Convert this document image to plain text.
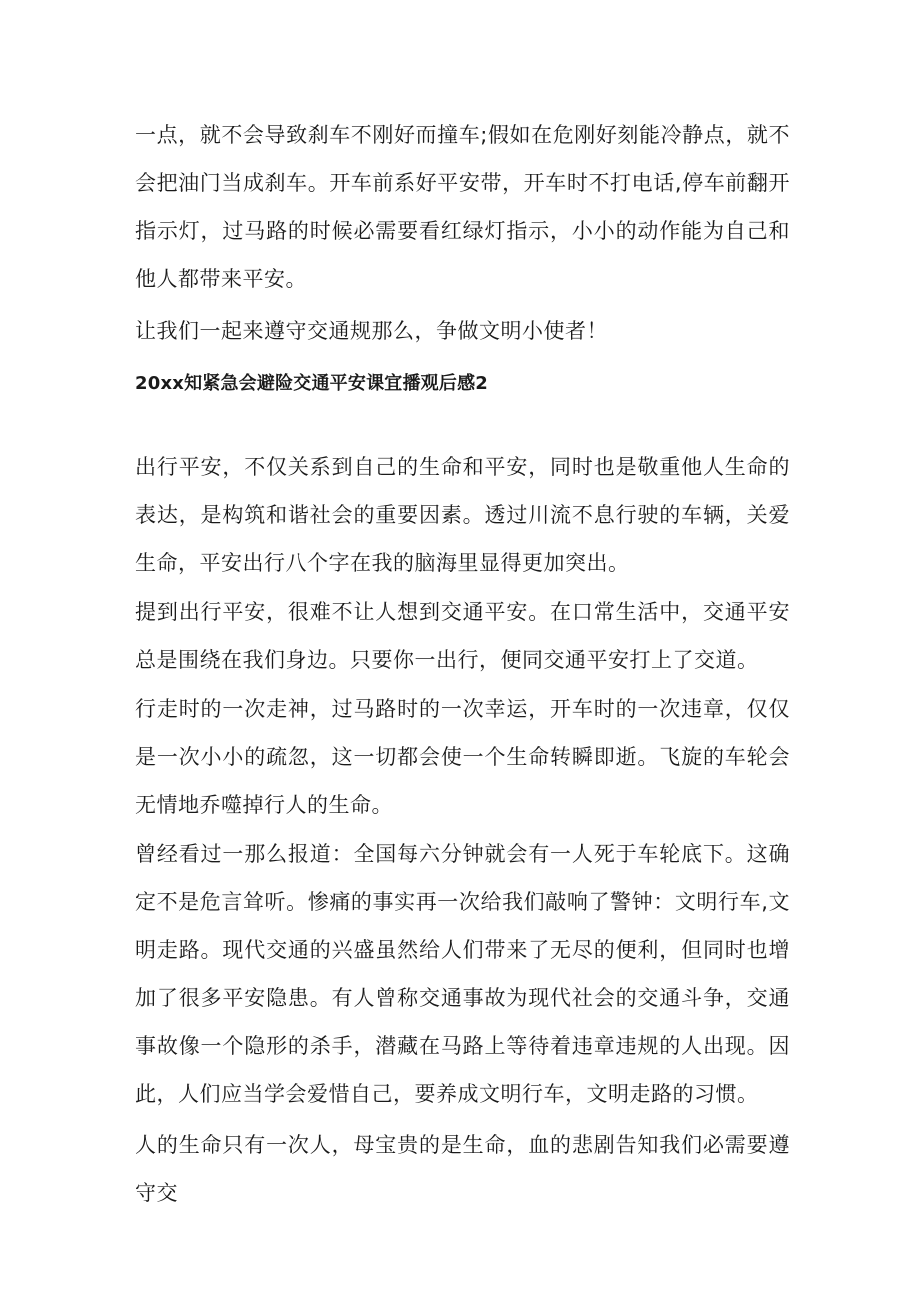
一点，就不会导致刹车不刚好而撞车;假如在危刚好刻能冷静点，就不会把油门当成刹车。开车前系好平安带，开车时不打电话,停车前翻开指示灯，过马路的时候必需要看红绿灯指示，小小的动作能为自己和他人都带来平安。

让我们一起来遵守交通规那么，争做文明小使者！

20xx知紧急会避险交通平安课宜播观后感2

出行平安，不仅关系到自己的生命和平安，同时也是敬重他人生命的表达，是构筑和谐社会的重要因素。透过川流不息行驶的车辆，关爱生命，平安出行八个字在我的脑海里显得更加突出。

提到出行平安，很难不让人想到交通平安。在口常生活中，交通平安总是围绕在我们身边。只要你一出行，便同交通平安打上了交道。

行走时的一次走神，过马路时的一次幸运，开车时的一次违章，仅仅是一次小小的疏忽，这一切都会使一个生命转瞬即逝。飞旋的车轮会无情地乔噬掉行人的生命。

曾经看过一那么报道：全国每六分钟就会有一人死于车轮底下。这确定不是危言耸听。惨痛的事实再一次给我们敲响了警钟：文明行车,文明走路。现代交通的兴盛虽然给人们带来了无尽的便利，但同时也增加了很多平安隐患。有人曾称交通事故为现代社会的交通斗争，交通事故像一个隐形的杀手，潜藏在马路上等待着违章违规的人出现。因此，人们应当学会爱惜自己，要养成文明行车，文明走路的习惯。

人的生命只有一次人，母宝贵的是生命，血的悲剧告知我们必需要遵守交
